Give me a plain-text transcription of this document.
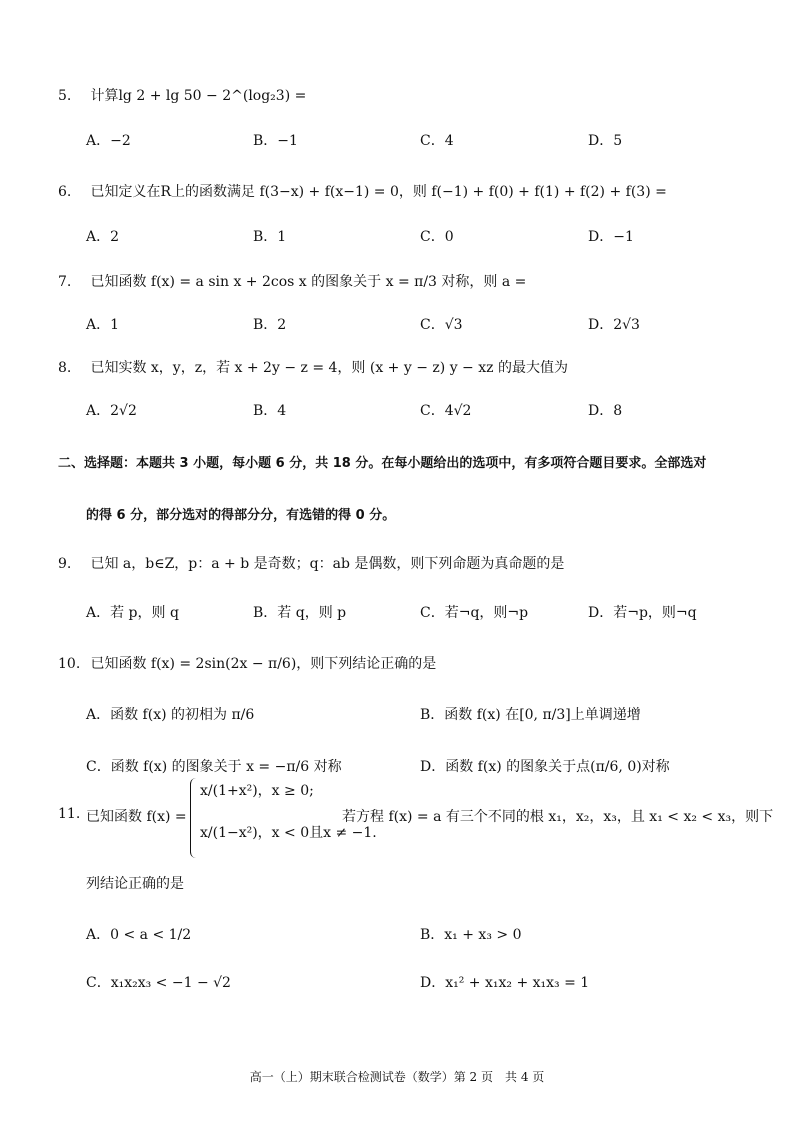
5. 计算lg 2 + lg 50 − 2^(log₂3) =
A．−2	B．−1	C．4	D．5
6. 已知定义在R上的函数满足 f(3−x) + f(x−1) = 0，则 f(−1) + f(0) + f(1) + f(2) + f(3) =
A．2	B．1	C．0	D．−1
7. 已知函数 f(x) = a sin x + 2cos x 的图象关于 x = π/3 对称，则 a =
A．1	B．2	C．√3	D．2√3
8. 已知实数 x，y，z，若 x + 2y − z = 4，则 (x + y − z) y − xz 的最大值为
A．2√2	B．4	C．4√2	D．8
二、选择题：本题共 3 小题，每小题 6 分，共 18 分。在每小题给出的选项中，有多项符合题目要求。全部选对
的得 6 分，部分选对的得部分分，有选错的得 0 分。
9. 已知 a，b∈Z，p：a + b 是奇数；q：ab 是偶数，则下列命题为真命题的是
A．若 p，则 q	B．若 q，则 p	C．若¬q，则¬p	D．若¬p，则¬q
10. 已知函数 f(x) = 2sin(2x − π/6)，则下列结论正确的是
A．函数 f(x) 的初相为 π/6	B．函数 f(x) 在[0, π/3]上单调递增
C．函数 f(x) 的图象关于 x = −π/6 对称	D．函数 f(x) 的图象关于点(π/6, 0)对称
11. 已知函数 f(x) =
x/(1+x²)，x ≥ 0;
x/(1−x²)，x < 0且x ≠ −1.
若方程 f(x) = a 有三个不同的根 x₁，x₂，x₃，且 x₁ < x₂ < x₃，则下
列结论正确的是
A．0 < a < 1/2	B．x₁ + x₃ > 0
C．x₁x₂x₃ < −1 − √2	D．x₁² + x₁x₂ + x₁x₃ = 1
高一（上）期末联合检测试卷（数学）第 2 页　共 4 页
